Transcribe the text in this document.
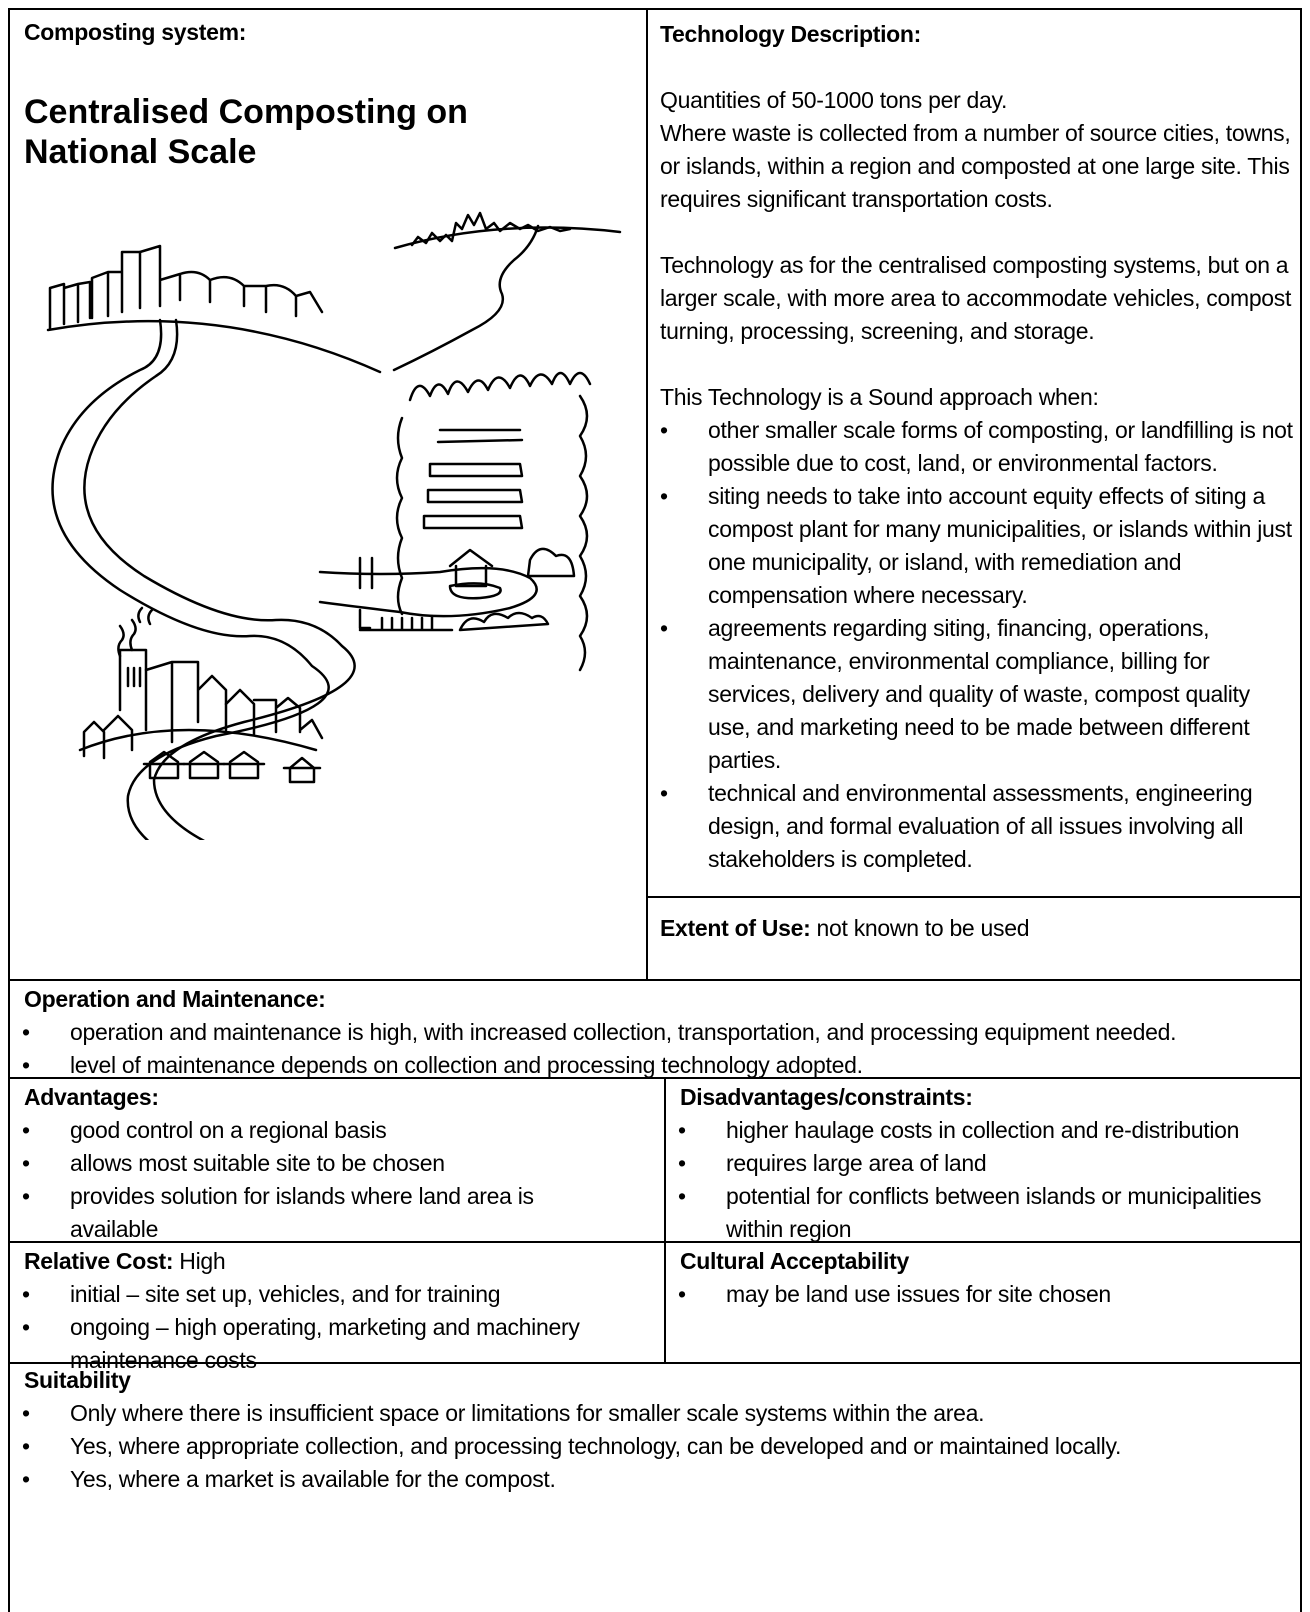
Composting system:
Centralised Composting on National Scale
Technology Description:
Quantities of 50-1000 tons per day.
Where waste is collected from a number of source cities, towns, or islands, within a region and composted at one large site. This requires significant transportation costs.
Technology as for the centralised composting systems, but on a larger scale, with more area to accommodate vehicles, compost turning, processing, screening, and storage.
This Technology is a Sound approach when:
• other smaller scale forms of composting, or landfilling is not possible due to cost, land, or environmental factors.
• siting needs to take into account equity effects of siting a compost plant for many municipalities, or islands within just one municipality, or island, with remediation and compensation where necessary.
• agreements regarding siting, financing, operations, maintenance, environmental compliance, billing for services, delivery and quality of waste, compost quality use, and marketing need to be made between different parties.
• technical and environmental assessments, engineering design, and formal evaluation of all issues involving all stakeholders is completed.
Extent of Use: not known to be used
Operation and Maintenance:
• operation and maintenance is high, with increased collection, transportation, and processing equipment needed.
• level of maintenance depends on collection and processing technology adopted.
Advantages:
• good control on a regional basis
• allows most suitable site to be chosen
• provides solution for islands where land area is available
Disadvantages/constraints:
• higher haulage costs in collection and re-distribution
• requires large area of land
• potential for conflicts between islands or municipalities within region
Relative Cost: High
• initial – site set up, vehicles, and for training
• ongoing – high operating, marketing and machinery maintenance costs
Cultural Acceptability
• may be land use issues for site chosen
Suitability
• Only where there is insufficient space or limitations for smaller scale systems within the area.
• Yes, where appropriate collection, and processing technology, can be developed and or maintained locally.
• Yes, where a market is available for the compost.
